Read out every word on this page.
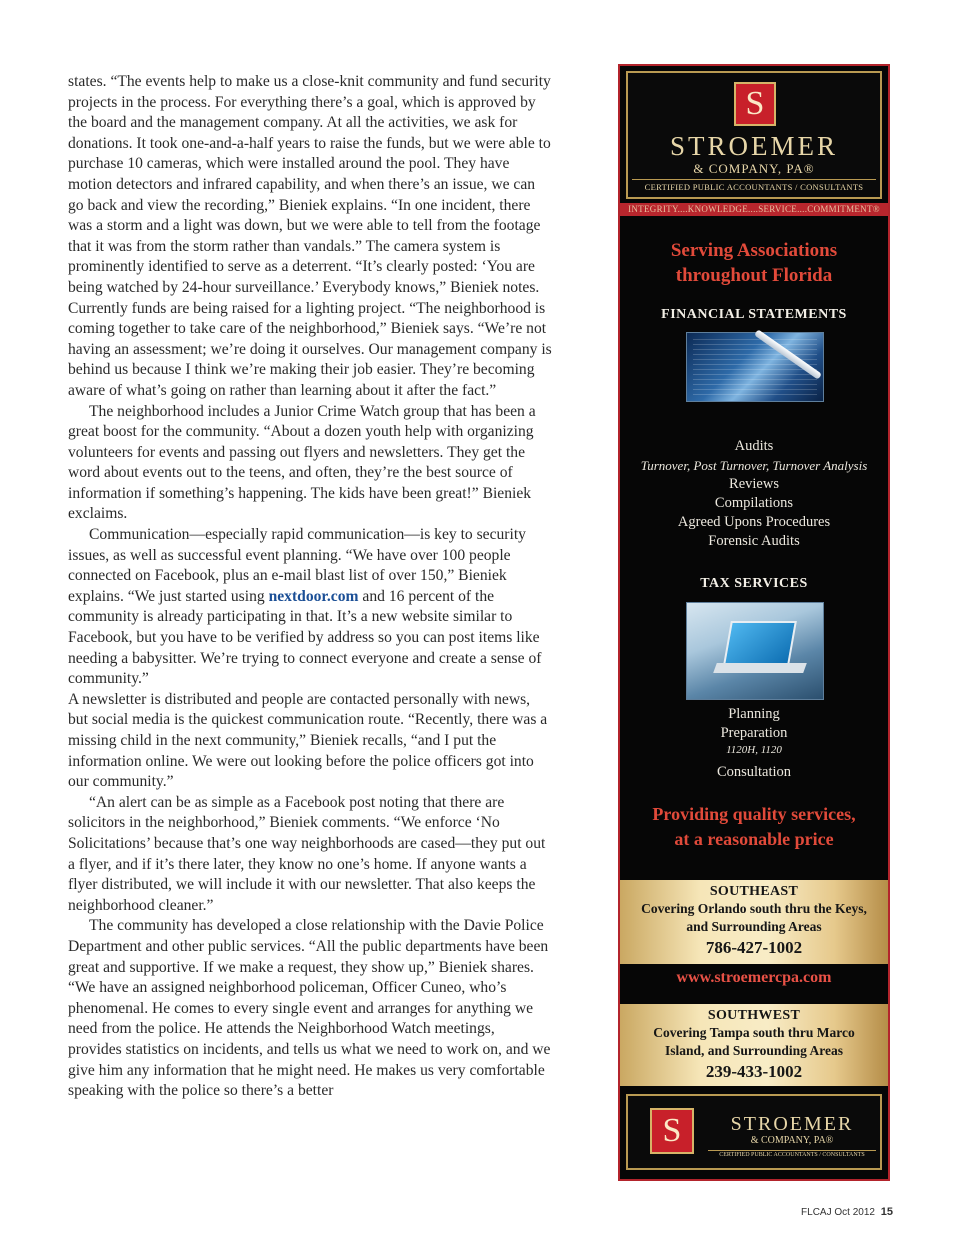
states. “The events help to make us a close-knit community and fund security projects in the process. For everything there’s a goal, which is approved by the board and the management company. At all the activities, we ask for donations. It took one-and-a-half years to raise the funds, but we were able to purchase 10 cameras, which were installed around the pool. They have motion detectors and infrared capability, and when there’s an issue, we can go back and view the recording,” Bieniek explains. “In one incident, there was a storm and a light was down, but we were able to tell from the footage that it was from the storm rather than vandals.” The camera system is prominently identified to serve as a deterrent. “It’s clearly posted: ‘You are being watched by 24-hour surveillance.’ Everybody knows,” Bieniek notes. Currently funds are being raised for a lighting project. “The neighborhood is coming together to take care of the neighborhood,” Bieniek says. “We’re not having an assessment; we’re doing it ourselves. Our management company is behind us because I think we’re making their job easier. They’re becoming aware of what’s going on rather than learning about it after the fact.”

The neighborhood includes a Junior Crime Watch group that has been a great boost for the community. “About a dozen youth help with organizing volunteers for events and passing out flyers and newsletters. They get the word about events out to the teens, and often, they’re the best source of information if something’s happening. The kids have been great!” Bieniek exclaims.

Communication—especially rapid communication—is key to security issues, as well as successful event planning. “We have over 100 people connected on Facebook, plus an e-mail blast list of over 150,” Bieniek explains. “We just started using nextdoor.com and 16 percent of the community is already participating in that. It’s a new website similar to Facebook, but you have to be verified by address so you can post items like needing a babysitter. We’re trying to connect everyone and create a sense of community.”

A newsletter is distributed and people are contacted personally with news, but social media is the quickest communication route. “Recently, there was a missing child in the next community,” Bieniek recalls, “and I put the information online. We were out looking before the police officers got into our community.”

“An alert can be as simple as a Facebook post noting that there are solicitors in the neighborhood,” Bieniek comments. “We enforce ‘No Solicitations’ because that’s one way neighborhoods are cased—they put out a flyer, and if it’s there later, they know no one’s home. If anyone wants a flyer distributed, we will include it with our newsletter. That also keeps the neighborhood cleaner.”

The community has developed a close relationship with the Davie Police Department and other public services. “All the public departments have been great and supportive. If we make a request, they show up,” Bieniek shares. “We have an assigned neighborhood policeman, Officer Cuneo, who’s phenomenal. He comes to every single event and arranges for anything we need from the police. He attends the Neighborhood Watch meetings, provides statistics on incidents, and tells us what we need to work on, and we give him any information that he might need. He makes us very comfortable speaking with the police so there’s a better

S
STROEMER
& COMPANY, PA®
CERTIFIED PUBLIC ACCOUNTANTS / CONSULTANTS
INTEGRITY....KNOWLEDGE....SERVICE....COMMITMENT®
Serving Associations
throughout Florida
FINANCIAL STATEMENTS
Audits
Turnover, Post Turnover, Turnover Analysis
Reviews
Compilations
Agreed Upons Procedures
Forensic Audits
TAX SERVICES
Planning
Preparation
1120H, 1120
Consultation
Providing quality services,
at a reasonable price
SOUTHEAST
Covering Orlando south thru the Keys,
and Surrounding Areas
786-427-1002
www.stroemercpa.com
SOUTHWEST
Covering Tampa south thru Marco
Island, and Surrounding Areas
239-433-1002
S	STROEMER
& COMPANY, PA®
CERTIFIED PUBLIC ACCOUNTANTS / CONSULTANTS
FLCAJ Oct 2012 15
